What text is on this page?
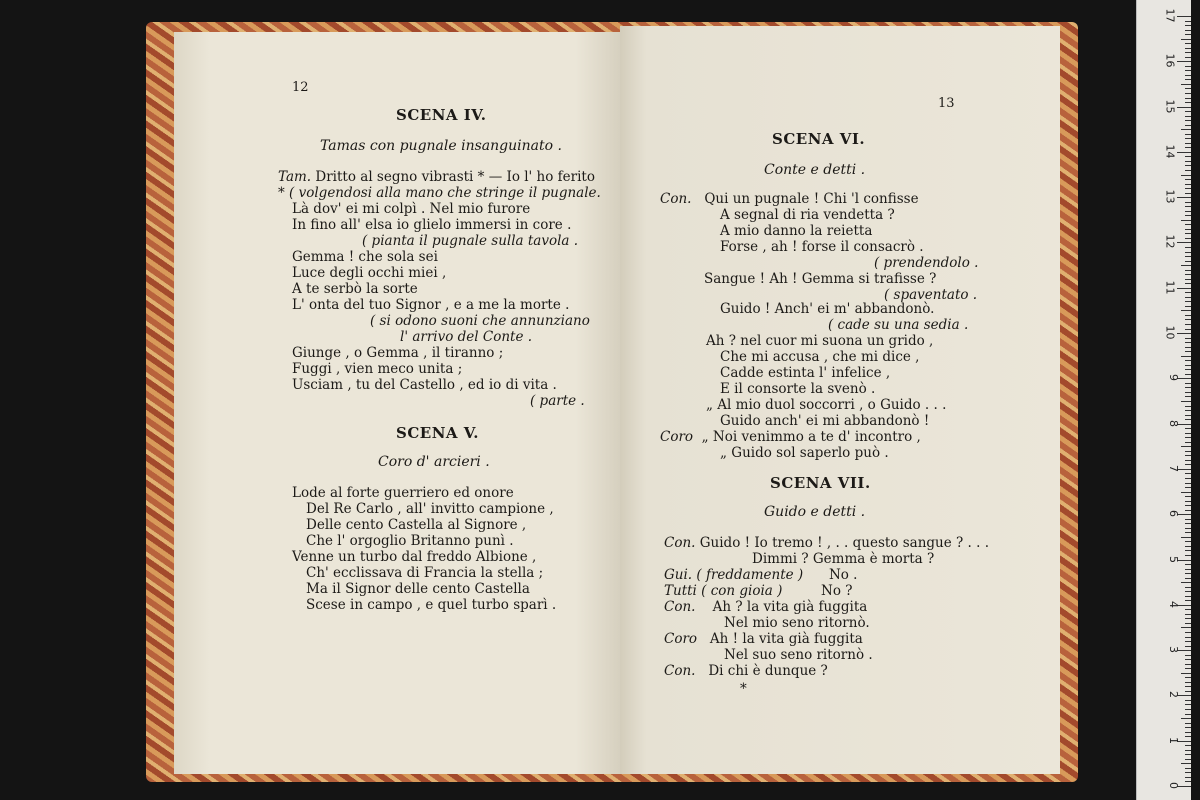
12
SCENA IV.
Tamas con pugnale insanguinato .
Tam. Dritto al segno vibrasti * — Io l' ho ferito
* ( volgendosi alla mano che stringe il pugnale.
Là dov' ei mi colpì . Nel mio furore
In fino all' elsa io glielo immersi in core .
( pianta il pugnale sulla tavola .
Gemma ! che sola sei
Luce degli occhi miei ,
A te serbò la sorte
L' onta del tuo Signor , e a me la morte .
( si odono suoni che annunziano
l' arrivo del Conte .
Giunge , o Gemma , il tiranno ;
Fuggi , vien meco unita ;
Usciam , tu del Castello , ed io di vita .
( parte .
SCENA V.
Coro d' arcieri .
Lode al forte guerriero ed onore
Del Re Carlo , all' invitto campione ,
Delle cento Castella al Signore ,
Che l' orgoglio Britanno punì .
Venne un turbo dal freddo Albione ,
Ch' ecclissava di Francia la stella ;
Ma il Signor delle cento Castella
Scese in campo , e quel turbo sparì .
13
SCENA VI.
Conte e detti .
Con. Qui un pugnale ! Chi 'l confisse
A segnal di ria vendetta ?
A mio danno la reietta
Forse , ah ! forse il consacrò .
( prendendolo .
Sangue ! Ah ! Gemma si trafisse ?
( spaventato .
Guido ! Anch' ei m' abbandonò.
( cade su una sedia .
Ah ? nel cuor mi suona un grido ,
Che mi accusa , che mi dice ,
Cadde estinta l' infelice ,
E il consorte la svenò .
„ Al mio duol soccorri , o Guido . . .
Guido anch' ei mi abbandonò !
Coro „ Noi venimmo a te d' incontro ,
„ Guido sol saperlo può .
SCENA VII.
Guido e detti .
Con. Guido ! Io tremo ! , . . questo sangue ? . . .
Dimmi ? Gemma è morta ?
Gui. ( freddamente ) No .
Tutti ( con gioia )	No ?
Con. Ah ? la vita già fuggita
Nel mio seno ritornò.
Coro Ah ! la vita già fuggita
Nel suo seno ritornò .
Con. Di chi è dunque ?
*
17
16
15
14
13
12
11
10
9
8
7
6
5
4
3
2
1
0
